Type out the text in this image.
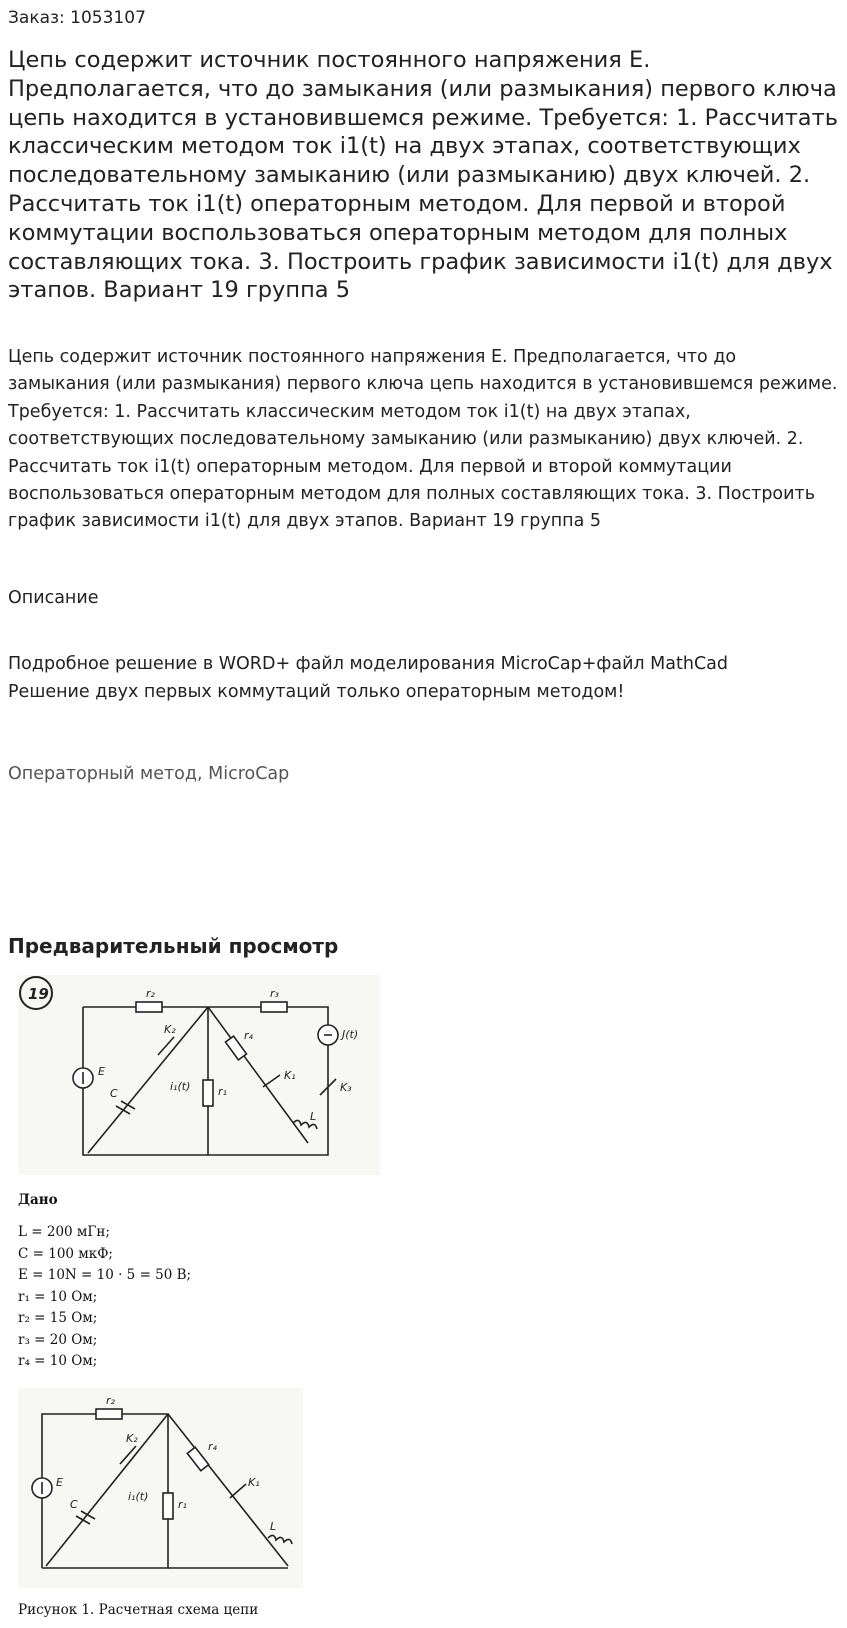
Заказ: 1053107
Цепь содержит источник постоянного напряжения Е. Предполагается, что до замыкания (или размыкания) первого ключа цепь находится в установившемся режиме. Требуется: 1. Рассчитать классическим методом ток i1(t) на двух этапах, соответствующих последовательному замыканию (или размыканию) двух ключей. 2. Рассчитать ток i1(t) операторным методом. Для первой и второй коммутации воспользоваться операторным методом для полных составляющих тока. 3. Построить график зависимости i1(t) для двух этапов. Вариант 19 группа 5
Цепь содержит источник постоянного напряжения Е. Предполагается, что до замыкания (или размыкания) первого ключа цепь находится в установившемся режиме. Требуется: 1. Рассчитать классическим методом ток i1(t) на двух этапах, соответствующих последовательному замыканию (или размыканию) двух ключей. 2. Рассчитать ток i1(t) операторным методом. Для первой и второй коммутации воспользоваться операторным методом для полных составляющих тока. 3. Построить график зависимости i1(t) для двух этапов. Вариант 19 группа 5
Описание
Подробное решение в WORD+ файл моделирования MicroCap+файл MathCad
Решение двух первых коммутаций только операторным методом!
Операторный метод, MicroCap
Предварительный просмотр
19	r₂	r₃
J(t)
E
C
K₂
i₁(t)	r₁
r₄
K₁
K₃
L
Дано
L = 200 мГн;
C = 100 мкФ;
E = 10N = 10 · 5 = 50 В;
r₁ = 10 Ом;
r₂ = 15 Ом;
r₃ = 20 Ом;
r₄ = 10 Ом;
r₂
E
C
K₂
i₁(t)
r₁
r₄
K₁
L
Рисунок 1. Расчетная схема цепи
